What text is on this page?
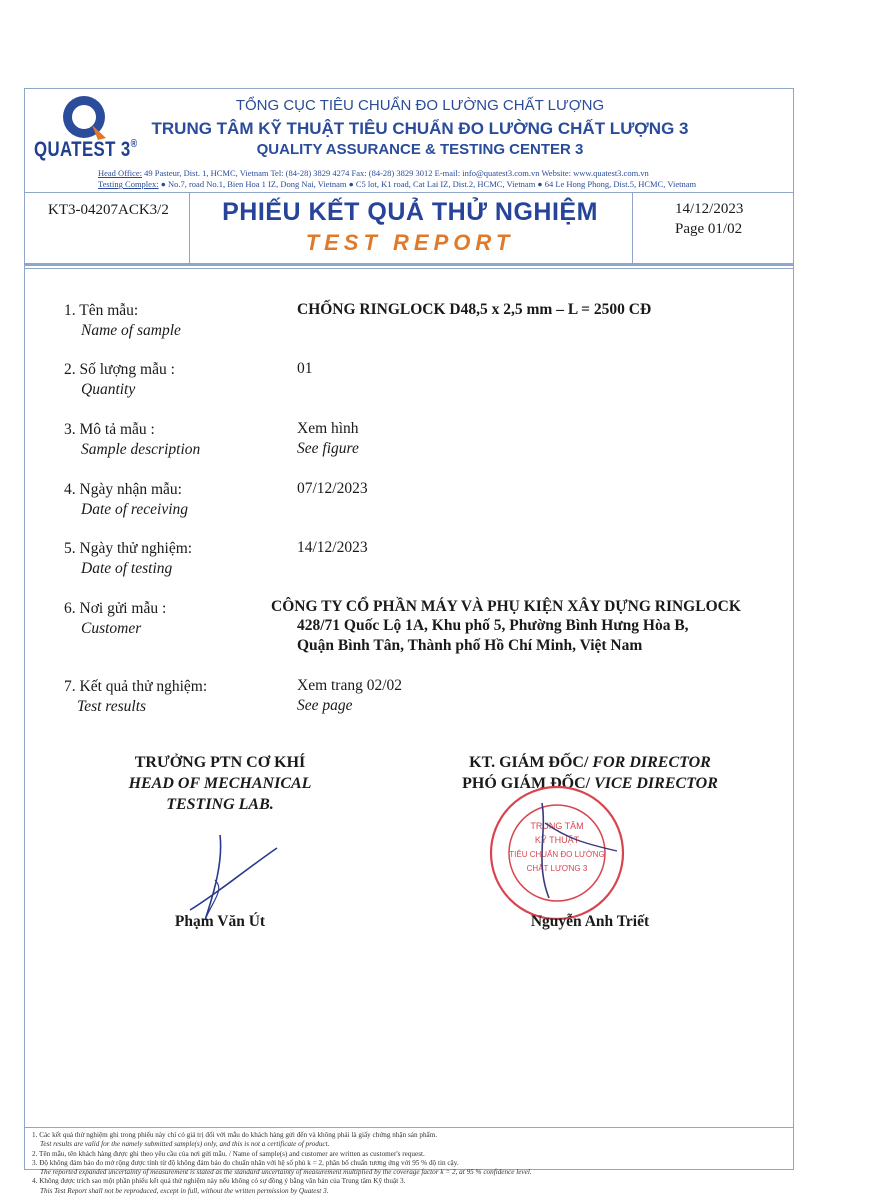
QUATEST 3®
TỔNG CỤC TIÊU CHUẨN ĐO LƯỜNG CHẤT LƯỢNG
TRUNG TÂM KỸ THUẬT TIÊU CHUẨN ĐO LƯỜNG CHẤT LƯỢNG 3
QUALITY ASSURANCE & TESTING CENTER 3
Head Office: 49 Pasteur, Dist. 1, HCMC, Vietnam Tel: (84-28) 3829 4274 Fax: (84-28) 3829 3012 E-mail: info@quatest3.com.vn Website: www.quatest3.com.vn
Testing Complex: ● No.7, road No.1, Bien Hoa 1 IZ, Dong Nai, Vietnam ● C5 lot, K1 road, Cat Lai IZ, Dist.2, HCMC, Vietnam ● 64 Le Hong Phong, Dist.5, HCMC, Vietnam
KT3-04207ACK3/2	PHIẾU KẾT QUẢ THỬ NGHIỆM
TEST REPORT
14/12/2023
Page 01/02
1. Tên mẫu:
Name of sample
CHỐNG RINGLOCK D48,5 x 2,5 mm – L = 2500 CĐ
2. Số lượng mẫu :
Quantity
01
3. Mô tả mẫu :
Sample description
Xem hình
See figure
4. Ngày nhận mẫu:
Date of receiving
07/12/2023
5. Ngày thử nghiệm:
Date of testing
14/12/2023
6. Nơi gửi mẫu :
Customer
CÔNG TY CỔ PHẦN MÁY VÀ PHỤ KIỆN XÂY DỰNG RINGLOCK
428/71 Quốc Lộ 1A, Khu phố 5, Phường Bình Hưng Hòa B,
Quận Bình Tân, Thành phố Hồ Chí Minh, Việt Nam
7. Kết quả thử nghiệm:
Test results
Xem trang 02/02
See page
TRƯỞNG PTN CƠ KHÍ
HEAD OF MECHANICAL
TESTING LAB.
Phạm Văn Út
KT. GIÁM ĐỐC/ FOR DIRECTOR
PHÓ GIÁM ĐỐC/ VICE DIRECTOR
TRUNG TÂM
KỸ THUẬT
TIÊU CHUẨN ĐO LƯỜNG
CHẤT LƯỢNG 3
Nguyễn Anh Triết
1. Các kết quả thử nghiệm ghi trong phiếu này chỉ có giá trị đối với mẫu do khách hàng gửi đến và không phải là giấy chứng nhận sản phẩm.
Test results are valid for the namely submitted sample(s) only, and this is not a certificate of product.
2. Tên mẫu, tên khách hàng được ghi theo yêu cầu của nơi gửi mẫu. / Name of sample(s) and customer are written as customer's request.
3. Độ không đảm bảo đo mở rộng được tính từ độ không đảm bảo đo chuẩn nhân với hệ số phủ k = 2, phân bố chuẩn tương ứng với 95 % độ tin cậy.
The reported expanded uncertainty of measurement is stated as the standard uncertainty of measurement multiplied by the coverage factor k = 2, at 95 % confidence level.
4. Không được trích sao một phần phiếu kết quả thử nghiệm này nếu không có sự đồng ý bằng văn bản của Trung tâm Kỹ thuật 3.
This Test Report shall not be reproduced, except in full, without the written permission by Quatest 3.
